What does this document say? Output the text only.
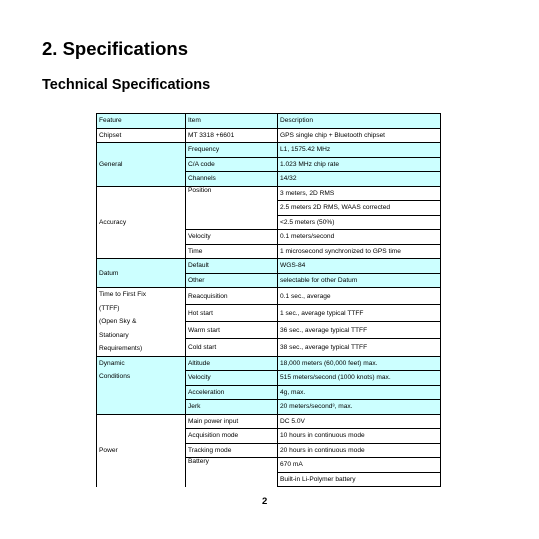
2. Specifications
Technical Specifications
Feature	Item	Description

Chipset	MT 3318 +6601	GPS single chip + Bluetooth chipset

General	Frequency	L1, 1575.42 MHz
	C/A code	1.023 MHz chip rate
	Channels	14/32

Accuracy	Position	3 meters, 2D RMS
		2.5 meters 2D RMS, WAAS corrected
		<2.5 meters (50%)
	Velocity	0.1 meters/second
	Time	1 microsecond synchronized to GPS time

Datum	Default	WGS-84
	Other	selectable for other Datum

Time to First Fix
(TTFF)
(Open Sky &
Stationary
Requirements)	Reacquisition	0.1 sec., average
	Hot start	1 sec., average typical TTFF
	Warm start	36 sec., average typical TTFF
	Cold start	38 sec., average typical TTFF

Dynamic
Conditions	Altitude	18,000 meters (60,000 feet) max.
	Velocity	515 meters/second (1000 knots) max.
	Acceleration	4g, max.
	Jerk	20 meters/second³, max.

Power	Main power input	DC 5.0V
	Acquisition mode	10 hours in continuous mode
	Tracking mode	20 hours in continuous mode
	Battery	670 mA
		Built-in Li-Polymer battery
2
